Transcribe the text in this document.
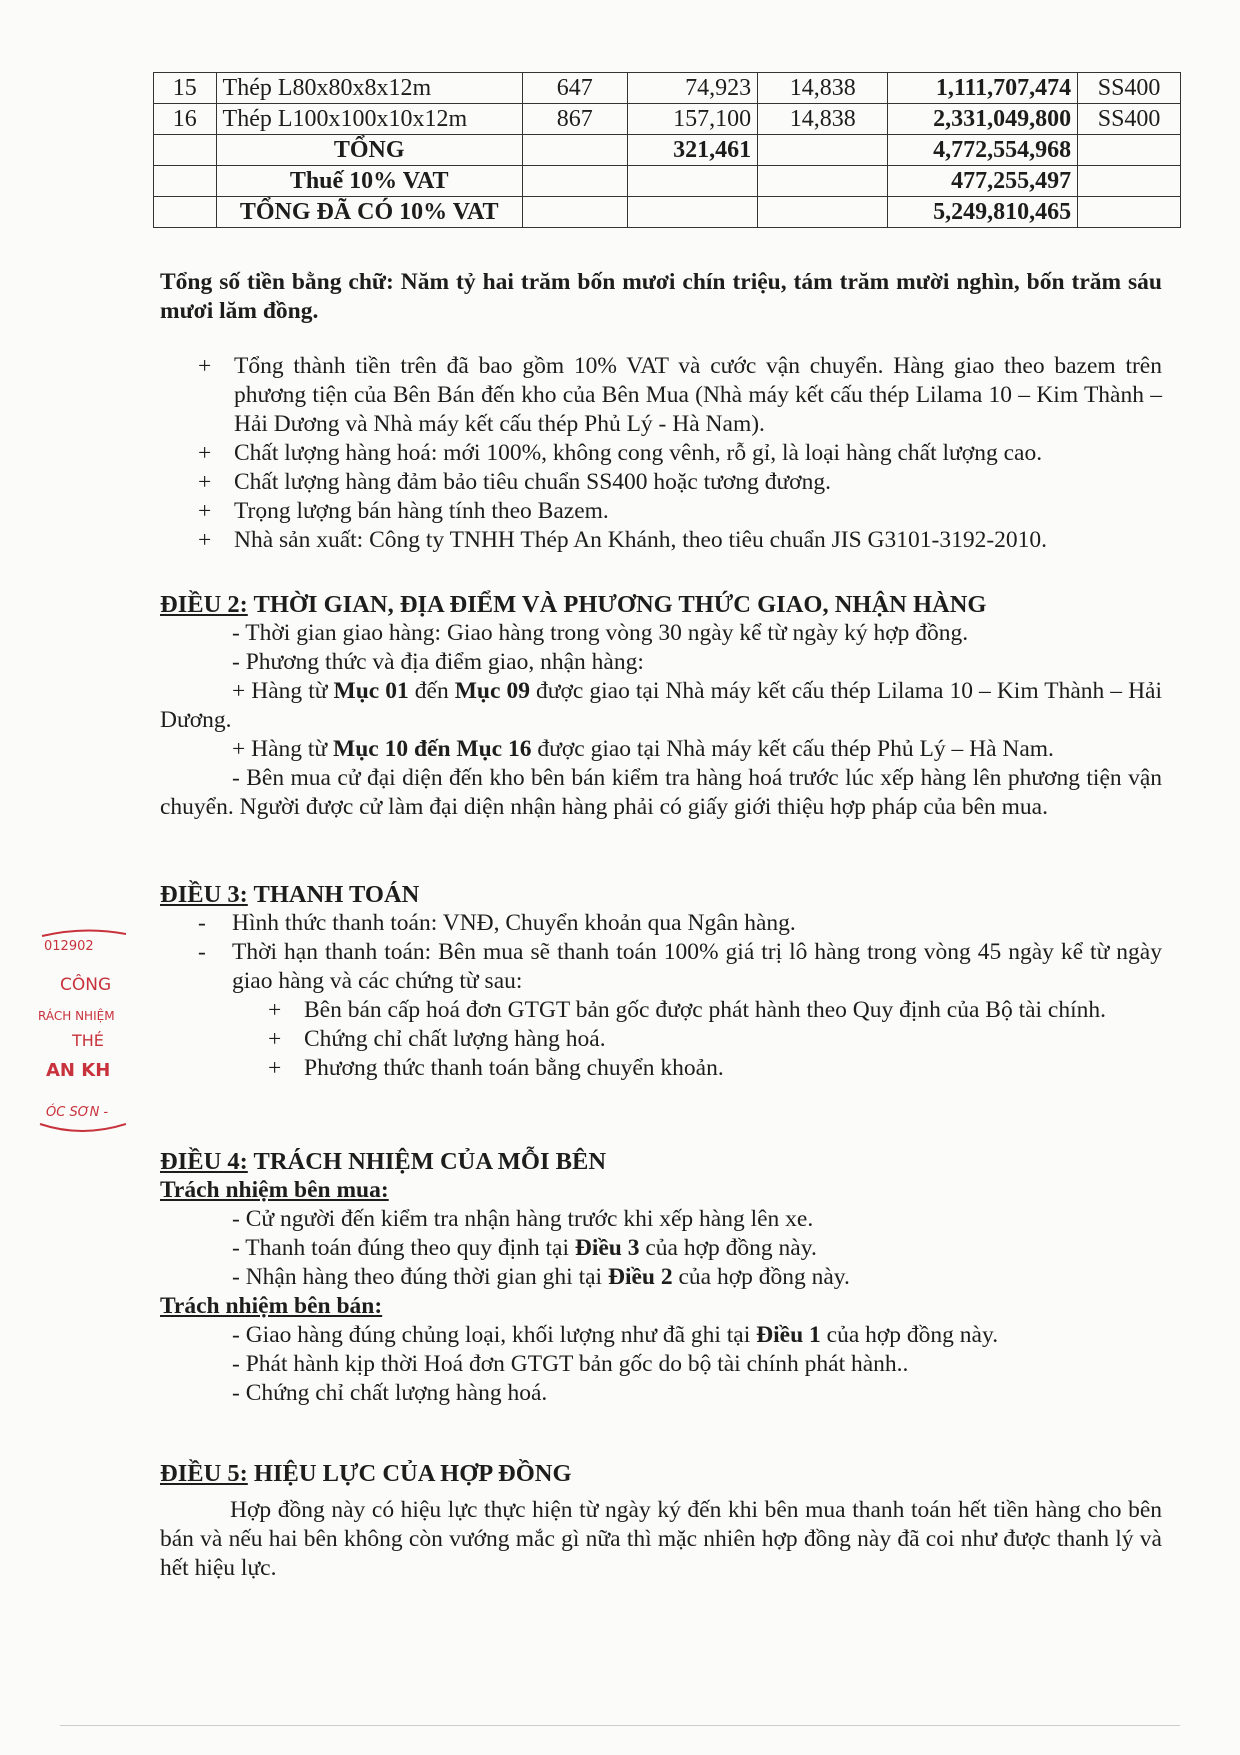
15	Thép L80x80x8x12m	647	74,923	14,838	1,111,707,474	SS400
16	Thép L100x100x10x12m	867	157,100	14,838	2,331,049,800	SS400
	TỔNG		321,461		4,772,554,968	
	Thuế 10% VAT				477,255,497	
	TỔNG ĐÃ CÓ 10% VAT				5,249,810,465	
Tổng số tiền bằng chữ: Năm tỷ hai trăm bốn mươi chín triệu, tám trăm mười nghìn, bốn trăm sáu mươi lăm đồng.
+ Tổng thành tiền trên đã bao gồm 10% VAT và cước vận chuyển. Hàng giao theo bazem trên phương tiện của Bên Bán đến kho của Bên Mua (Nhà máy kết cấu thép Lilama 10 – Kim Thành – Hải Dương và Nhà máy kết cấu thép Phủ Lý - Hà Nam).
+ Chất lượng hàng hoá: mới 100%, không cong vênh, rỗ gỉ, là loại hàng chất lượng cao.
+ Chất lượng hàng đảm bảo tiêu chuẩn SS400 hoặc tương đương.
+ Trọng lượng bán hàng tính theo Bazem.
+ Nhà sản xuất: Công ty TNHH Thép An Khánh, theo tiêu chuẩn JIS G3101-3192-2010.
ĐIỀU 2: THỜI GIAN, ĐỊA ĐIỂM VÀ PHƯƠNG THỨC GIAO, NHẬN HÀNG

- Thời gian giao hàng: Giao hàng trong vòng 30 ngày kể từ ngày ký hợp đồng.

- Phương thức và địa điểm giao, nhận hàng:

+ Hàng từ Mục 01 đến Mục 09 được giao tại Nhà máy kết cấu thép Lilama 10 – Kim Thành – Hải Dương.

+ Hàng từ Mục 10 đến Mục 16 được giao tại Nhà máy kết cấu thép Phủ Lý – Hà Nam.

- Bên mua cử đại diện đến kho bên bán kiểm tra hàng hoá trước lúc xếp hàng lên phương tiện vận chuyển. Người được cử làm đại diện nhận hàng phải có giấy giới thiệu hợp pháp của bên mua.

ĐIỀU 3: THANH TOÁN
- Hình thức thanh toán: VNĐ, Chuyển khoản qua Ngân hàng.
- Thời hạn thanh toán: Bên mua sẽ thanh toán 100% giá trị lô hàng trong vòng 45 ngày kể từ ngày giao hàng và các chứng từ sau:
+ Bên bán cấp hoá đơn GTGT bản gốc được phát hành theo Quy định của Bộ tài chính.
+ Chứng chỉ chất lượng hàng hoá.
+ Phương thức thanh toán bằng chuyển khoản.
ĐIỀU 4: TRÁCH NHIỆM CỦA MỖI BÊN
Trách nhiệm bên mua:

- Cử người đến kiểm tra nhận hàng trước khi xếp hàng lên xe.

- Thanh toán đúng theo quy định tại Điều 3 của hợp đồng này.

- Nhận hàng theo đúng thời gian ghi tại Điều 2 của hợp đồng này.

Trách nhiệm bên bán:

- Giao hàng đúng chủng loại, khối lượng như đã ghi tại Điều 1 của hợp đồng này.

- Phát hành kịp thời Hoá đơn GTGT bản gốc do bộ tài chính phát hành..

- Chứng chỉ chất lượng hàng hoá.

ĐIỀU 5: HIỆU LỰC CỦA HỢP ĐỒNG

Hợp đồng này có hiệu lực thực hiện từ ngày ký đến khi bên mua thanh toán hết tiền hàng cho bên bán và nếu hai bên không còn vướng mắc gì nữa thì mặc nhiên hợp đồng này đã coi như được thanh lý và hết hiệu lực.

012902
CÔNG
RÁCH NHIỆM
THÉ
AN KH
ÓC SƠN -
